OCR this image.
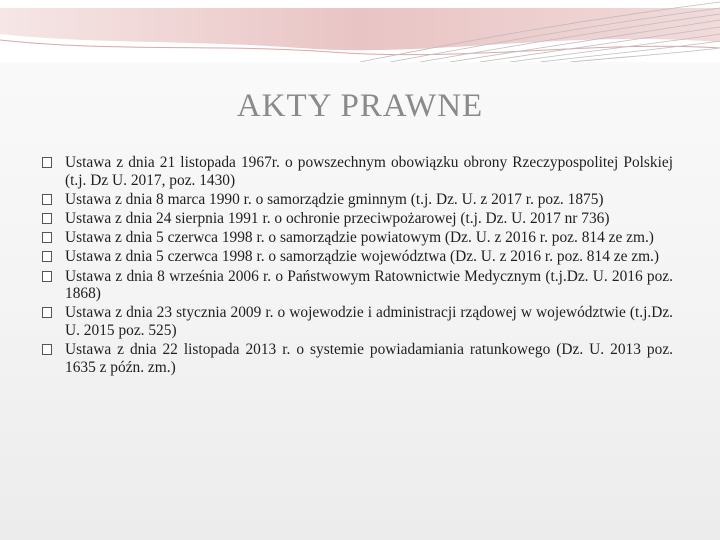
AKTY PRAWNE
Ustawa z dnia 21 listopada 1967r. o powszechnym obowiązku obrony Rzeczypospolitej Polskiej (t.j. Dz U. 2017, poz. 1430)
Ustawa z dnia 8 marca 1990 r. o samorządzie gminnym (t.j. Dz. U. z 2017 r. poz. 1875)
Ustawa z dnia 24 sierpnia 1991 r. o ochronie przeciwpożarowej (t.j. Dz. U. 2017 nr 736)
Ustawa z dnia 5 czerwca 1998 r. o samorządzie powiatowym (Dz. U. z 2016 r. poz. 814 ze zm.)
Ustawa z dnia 5 czerwca 1998 r. o samorządzie województwa (Dz. U. z 2016 r. poz. 814 ze zm.)
Ustawa z dnia 8 września 2006 r. o Państwowym Ratownictwie Medycznym (t.j.Dz. U. 2016 poz. 1868)
Ustawa z dnia 23 stycznia 2009 r. o wojewodzie i administracji rządowej w województwie (t.j.Dz. U. 2015 poz. 525)
Ustawa z dnia 22 listopada 2013 r. o systemie powiadamiania ratunkowego (Dz. U. 2013 poz. 1635 z późn. zm.)
